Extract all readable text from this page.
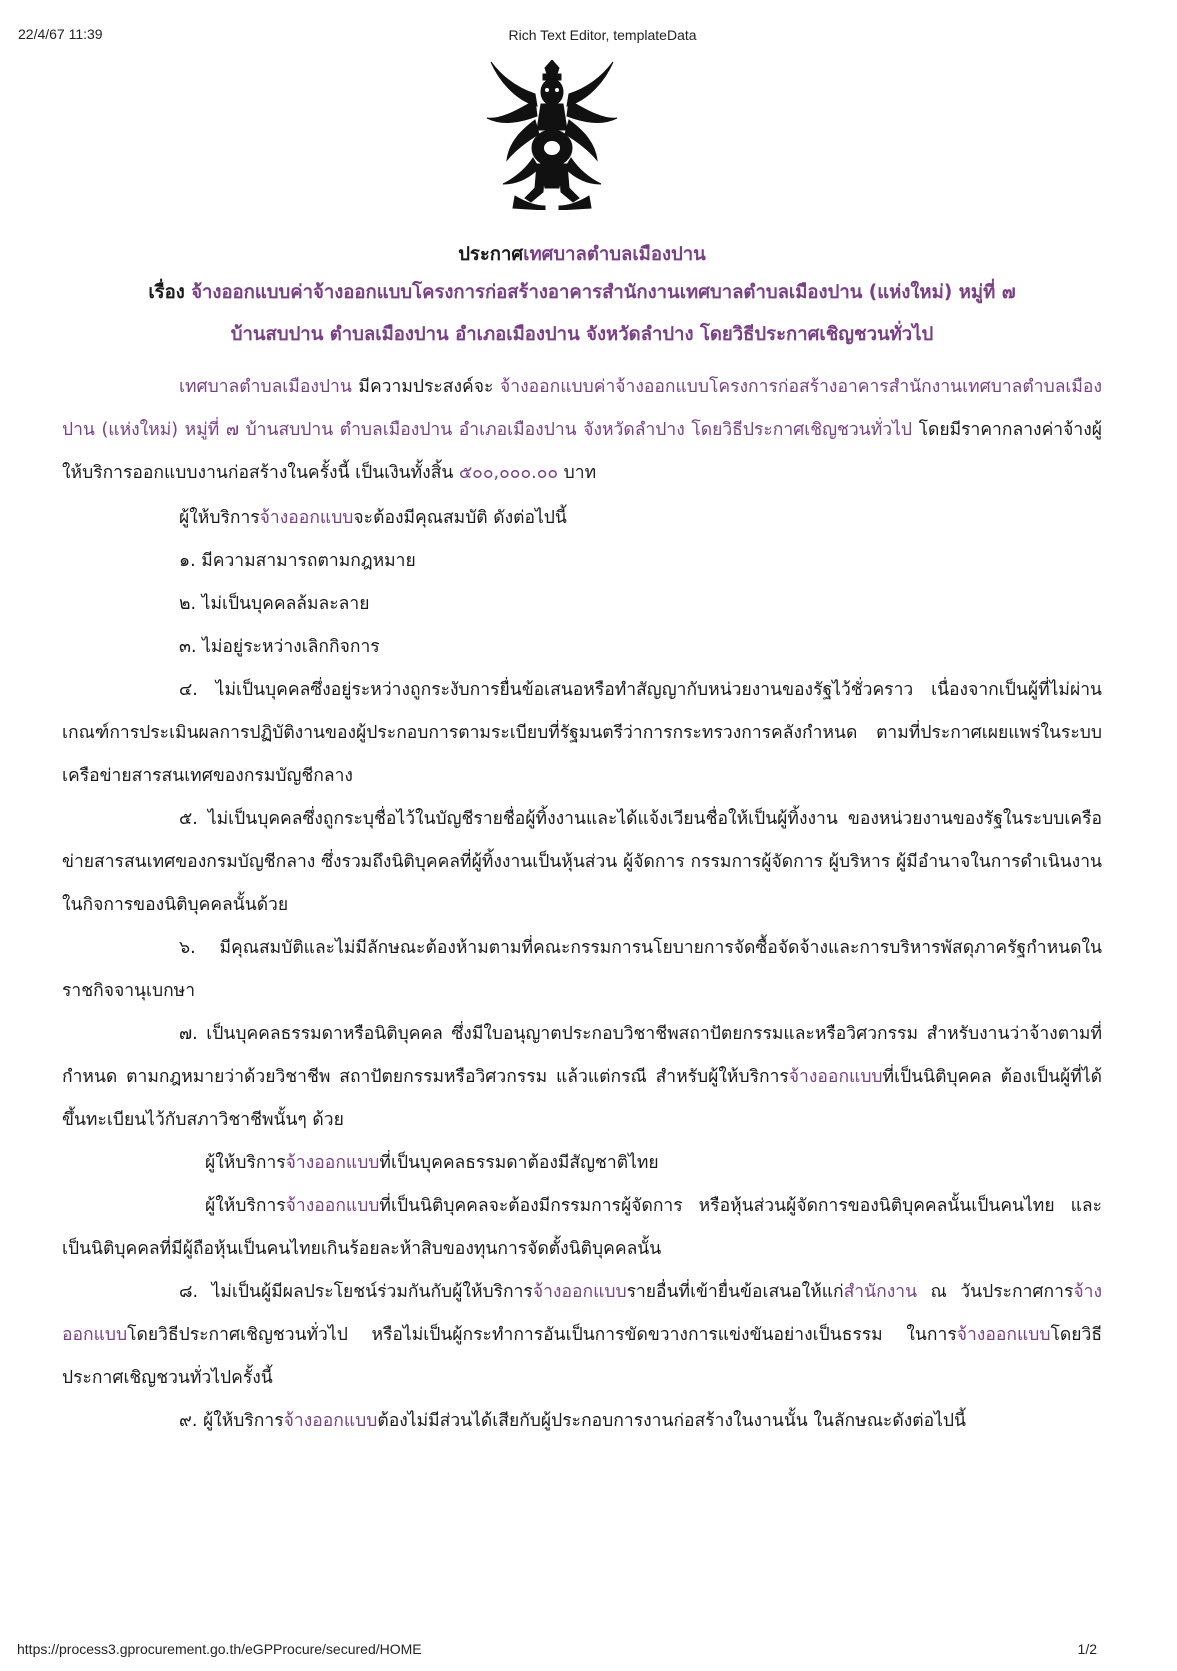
22/4/67 11:39	Rich Text Editor, templateData
ประกาศเทศบาลตำบลเมืองปาน
เรื่อง จ้างออกแบบค่าจ้างออกแบบโครงการก่อสร้างอาคารสำนักงานเทศบาลตำบลเมืองปาน (แห่งใหม่) หมู่ที่ ๗
บ้านสบปาน ตำบลเมืองปาน อำเภอเมืองปาน จังหวัดลำปาง โดยวิธีประกาศเชิญชวนทั่วไป
เทศบาลตำบลเมืองปาน มีความประสงค์จะ จ้างออกแบบค่าจ้างออกแบบโครงการก่อสร้างอาคารสำนักงานเทศบาลตำบลเมืองปาน (แห่งใหม่) หมู่ที่ ๗ บ้านสบปาน ตำบลเมืองปาน อำเภอเมืองปาน จังหวัดลำปาง โดยวิธีประกาศเชิญชวนทั่วไป โดยมีราคากลางค่าจ้างผู้ให้บริการออกแบบงานก่อสร้างในครั้งนี้ เป็นเงินทั้งสิ้น ๕๐๐,๐๐๐.๐๐ บาท
ผู้ให้บริการจ้างออกแบบจะต้องมีคุณสมบัติ ดังต่อไปนี้
๑. มีความสามารถตามกฎหมาย
๒. ไม่เป็นบุคคลล้มละลาย
๓. ไม่อยู่ระหว่างเลิกกิจการ
๔. ไม่เป็นบุคคลซึ่งอยู่ระหว่างถูกระงับการยื่นข้อเสนอหรือทำสัญญากับหน่วยงานของรัฐไว้ชั่วคราว เนื่องจากเป็นผู้ที่ไม่ผ่านเกณฑ์การประเมินผลการปฏิบัติงานของผู้ประกอบการตามระเบียบที่รัฐมนตรีว่าการกระทรวงการคลังกำหนด ตามที่ประกาศเผยแพร่ในระบบเครือข่ายสารสนเทศของกรมบัญชีกลาง
๕. ไม่เป็นบุคคลซึ่งถูกระบุชื่อไว้ในบัญชีรายชื่อผู้ทิ้งงานและได้แจ้งเวียนชื่อให้เป็นผู้ทิ้งงาน ของหน่วยงานของรัฐในระบบเครือข่ายสารสนเทศของกรมบัญชีกลาง ซึ่งรวมถึงนิติบุคคลที่ผู้ทิ้งงานเป็นหุ้นส่วน ผู้จัดการ กรรมการผู้จัดการ ผู้บริหาร ผู้มีอำนาจในการดำเนินงานในกิจการของนิติบุคคลนั้นด้วย
๖. มีคุณสมบัติและไม่มีลักษณะต้องห้ามตามที่คณะกรรมการนโยบายการจัดซื้อจัดจ้างและการบริหารพัสดุภาครัฐกำหนดในราชกิจจานุเบกษา
๗. เป็นบุคคลธรรมดาหรือนิติบุคคล ซึ่งมีใบอนุญาตประกอบวิชาชีพสถาปัตยกรรมและหรือวิศวกรรม สำหรับงานว่าจ้างตามที่กำหนด ตามกฎหมายว่าด้วยวิชาชีพ สถาปัตยกรรมหรือวิศวกรรม แล้วแต่กรณี สำหรับผู้ให้บริการจ้างออกแบบที่เป็นนิติบุคคล ต้องเป็นผู้ที่ได้ขึ้นทะเบียนไว้กับสภาวิชาชีพนั้นๆ ด้วย
ผู้ให้บริการจ้างออกแบบที่เป็นบุคคลธรรมดาต้องมีสัญชาติไทย
ผู้ให้บริการจ้างออกแบบที่เป็นนิติบุคคลจะต้องมีกรรมการผู้จัดการ หรือหุ้นส่วนผู้จัดการของนิติบุคคลนั้นเป็นคนไทย และเป็นนิติบุคคลที่มีผู้ถือหุ้นเป็นคนไทยเกินร้อยละห้าสิบของทุนการจัดตั้งนิติบุคคลนั้น
๘. ไม่เป็นผู้มีผลประโยชน์ร่วมกันกับผู้ให้บริการจ้างออกแบบรายอื่นที่เข้ายื่นข้อเสนอให้แก่สำนักงาน ณ วันประกาศการจ้างออกแบบโดยวิธีประกาศเชิญชวนทั่วไป หรือไม่เป็นผู้กระทำการอันเป็นการขัดขวางการแข่งขันอย่างเป็นธรรม ในการจ้างออกแบบโดยวิธีประกาศเชิญชวนทั่วไปครั้งนี้
๙. ผู้ให้บริการจ้างออกแบบต้องไม่มีส่วนได้เสียกับผู้ประกอบการงานก่อสร้างในงานนั้น ในลักษณะดังต่อไปนี้
https://process3.gprocurement.go.th/eGPProcure/secured/HOME	1/2
